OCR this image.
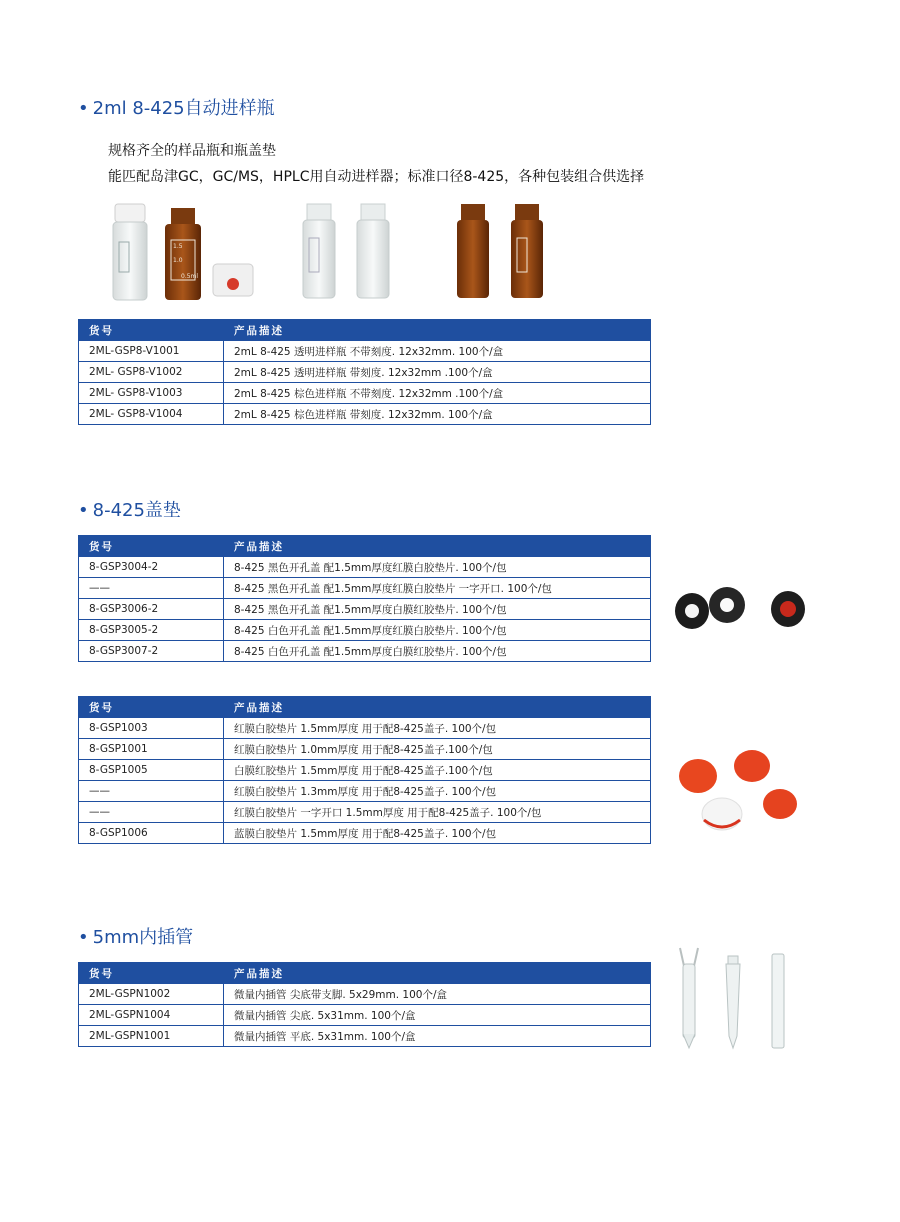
• 2ml 8-425自动进样瓶
规格齐全的样品瓶和瓶盖垫
能匹配岛津GC，GC/MS，HPLC用自动进样器；标准口径8-425，各种包装组合供选择
1.5
1.0
0.5ml
货号	产品描述
2ML-GSP8-V1001	2mL 8-425 透明进样瓶 不带刻度. 12x32mm. 100个/盒
2ML- GSP8-V1002	2mL 8-425 透明进样瓶 带刻度. 12x32mm .100个/盒
2ML- GSP8-V1003	2mL 8-425 棕色进样瓶 不带刻度. 12x32mm .100个/盒
2ML- GSP8-V1004	2mL 8-425 棕色进样瓶 带刻度. 12x32mm. 100个/盒
• 8-425盖垫
货号	产品描述
8-GSP3004-2	8-425 黑色开孔盖 配1.5mm厚度红膜白胶垫片. 100个/包
——	8-425 黑色开孔盖 配1.5mm厚度红膜白胶垫片 一字开口. 100个/包
8-GSP3006-2	8-425 黑色开孔盖 配1.5mm厚度白膜红胶垫片. 100个/包
8-GSP3005-2	8-425 白色开孔盖 配1.5mm厚度红膜白胶垫片. 100个/包
8-GSP3007-2	8-425 白色开孔盖 配1.5mm厚度白膜红胶垫片. 100个/包
货号	产品描述
8-GSP1003	红膜白胶垫片 1.5mm厚度 用于配8-425盖子. 100个/包
8-GSP1001	红膜白胶垫片 1.0mm厚度 用于配8-425盖子.100个/包
8-GSP1005	白膜红胶垫片 1.5mm厚度 用于配8-425盖子.100个/包
——	红膜白胶垫片 1.3mm厚度 用于配8-425盖子. 100个/包
——	红膜白胶垫片 一字开口 1.5mm厚度 用于配8-425盖子. 100个/包
8-GSP1006	蓝膜白胶垫片 1.5mm厚度 用于配8-425盖子. 100个/包
• 5mm内插管
货号	产品描述
2ML-GSPN1002	微量内插管 尖底带支脚. 5x29mm. 100个/盒
2ML-GSPN1004	微量内插管 尖底. 5x31mm. 100个/盒
2ML-GSPN1001	微量内插管 平底. 5x31mm. 100个/盒
